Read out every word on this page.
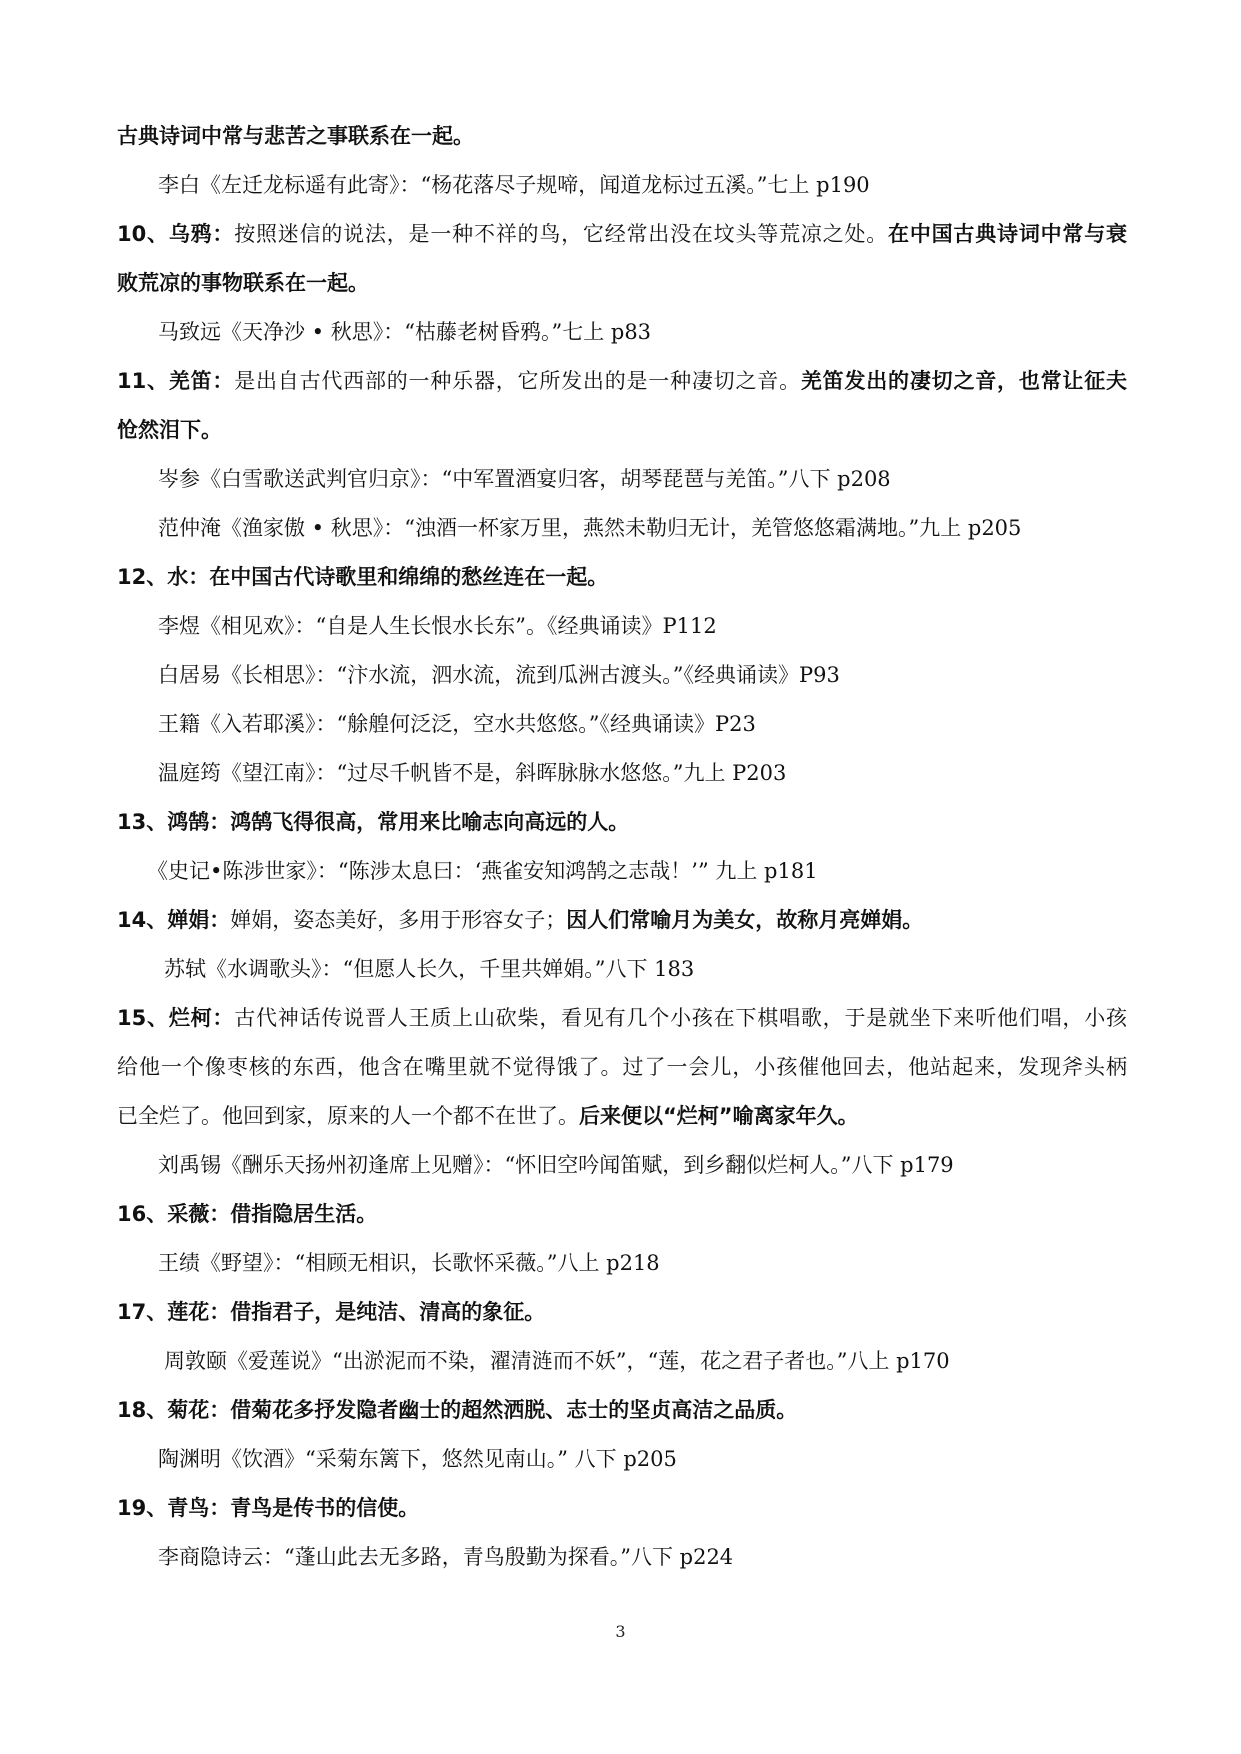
古典诗词中常与悲苦之事联系在一起。
李白《左迁龙标遥有此寄》：“杨花落尽子规啼，闻道龙标过五溪。”七上 p190
10、乌鸦：按照迷信的说法，是一种不祥的鸟，它经常出没在坟头等荒凉之处。在中国古典诗词中常与衰
败荒凉的事物联系在一起。
马致远《天净沙 • 秋思》：“枯藤老树昏鸦。”七上 p83
11、羌笛：是出自古代西部的一种乐器，它所发出的是一种凄切之音。羌笛发出的凄切之音，也常让征夫
怆然泪下。
岑参《白雪歌送武判官归京》：“中军置酒宴归客，胡琴琵琶与羌笛。”八下 p208
范仲淹《渔家傲 • 秋思》：“浊酒一杯家万里，燕然未勒归无计，羌管悠悠霜满地。”九上 p205
12、水：在中国古代诗歌里和绵绵的愁丝连在一起。
李煜《相见欢》：“自是人生长恨水长东”。《经典诵读》P112
白居易《长相思》：“汴水流，泗水流，流到瓜洲古渡头。”《经典诵读》P93
王籍《入若耶溪》：“艅艎何泛泛，空水共悠悠。”《经典诵读》P23
温庭筠《望江南》：“过尽千帆皆不是，斜晖脉脉水悠悠。”九上 P203
13、鸿鹄：鸿鹄飞得很高，常用来比喻志向高远的人。
《史记•陈涉世家》：“陈涉太息曰：‘燕雀安知鸿鹄之志哉！’” 九上 p181
14、婵娟：婵娟，姿态美好，多用于形容女子；因人们常喻月为美女，故称月亮婵娟。
苏轼《水调歌头》：“但愿人长久，千里共婵娟。”八下 183
15、烂柯：古代神话传说晋人王质上山砍柴，看见有几个小孩在下棋唱歌，于是就坐下来听他们唱，小孩
给他一个像枣核的东西，他含在嘴里就不觉得饿了。过了一会儿，小孩催他回去，他站起来，发现斧头柄
已全烂了。他回到家，原来的人一个都不在世了。后来便以“烂柯”喻离家年久。
刘禹锡《酬乐天扬州初逢席上见赠》：“怀旧空吟闻笛赋，到乡翻似烂柯人。”八下 p179
16、采薇：借指隐居生活。
王绩《野望》：“相顾无相识，长歌怀采薇。”八上 p218
17、莲花：借指君子，是纯洁、清高的象征。
周敦颐《爱莲说》“出淤泥而不染，濯清涟而不妖”，“莲，花之君子者也。”八上 p170
18、菊花：借菊花多抒发隐者幽士的超然洒脱、志士的坚贞高洁之品质。
陶渊明《饮酒》“采菊东篱下，悠然见南山。” 八下 p205
19、青鸟：青鸟是传书的信使。
李商隐诗云：“蓬山此去无多路，青鸟殷勤为探看。”八下 p224
3
